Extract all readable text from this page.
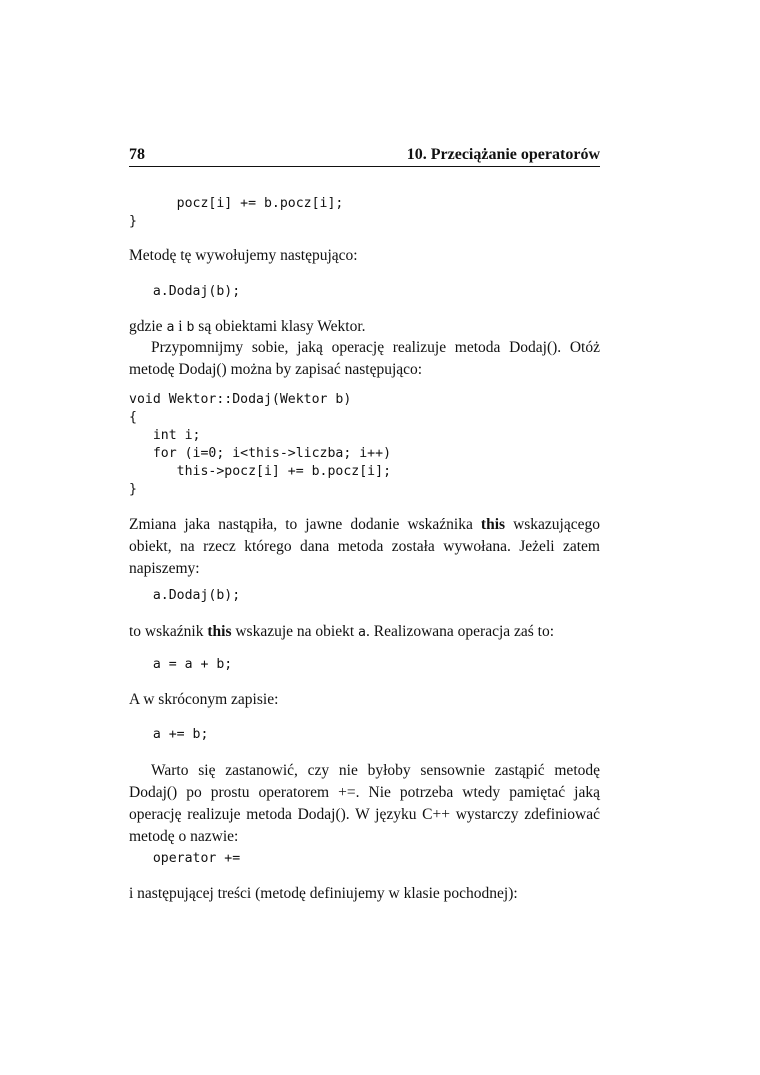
78	10. Przeciążanie operatorów
pocz[i] += b.pocz[i];
}
Metodę tę wywołujemy następująco:
a.Dodaj(b);
gdzie a i b są obiektami klasy Wektor.
Przypomnijmy sobie, jaką operację realizuje metoda Dodaj(). Otóż
metodę Dodaj() można by zapisać następująco:
void Wektor::Dodaj(Wektor b)
{
int i;
for (i=0; i<this->liczba; i++)
this->pocz[i] += b.pocz[i];
}
Zmiana jaka nastąpiła, to jawne dodanie wskaźnika this wskazującego obiekt, na rzecz którego dana metoda została wywołana. Jeżeli zatem napiszemy:
a.Dodaj(b);
to wskaźnik this wskazuje na obiekt a. Realizowana operacja zaś to:
a = a + b;
A w skróconym zapisie:
a += b;
Warto się zastanowić, czy nie byłoby sensownie zastąpić metodę Dodaj() po prostu operatorem +=. Nie potrzeba wtedy pamiętać jaką operację realizuje metoda Dodaj(). W języku C++ wystarczy zdefiniować metodę o nazwie:
operator +=
i następującej treści (metodę definiujemy w klasie pochodnej):
